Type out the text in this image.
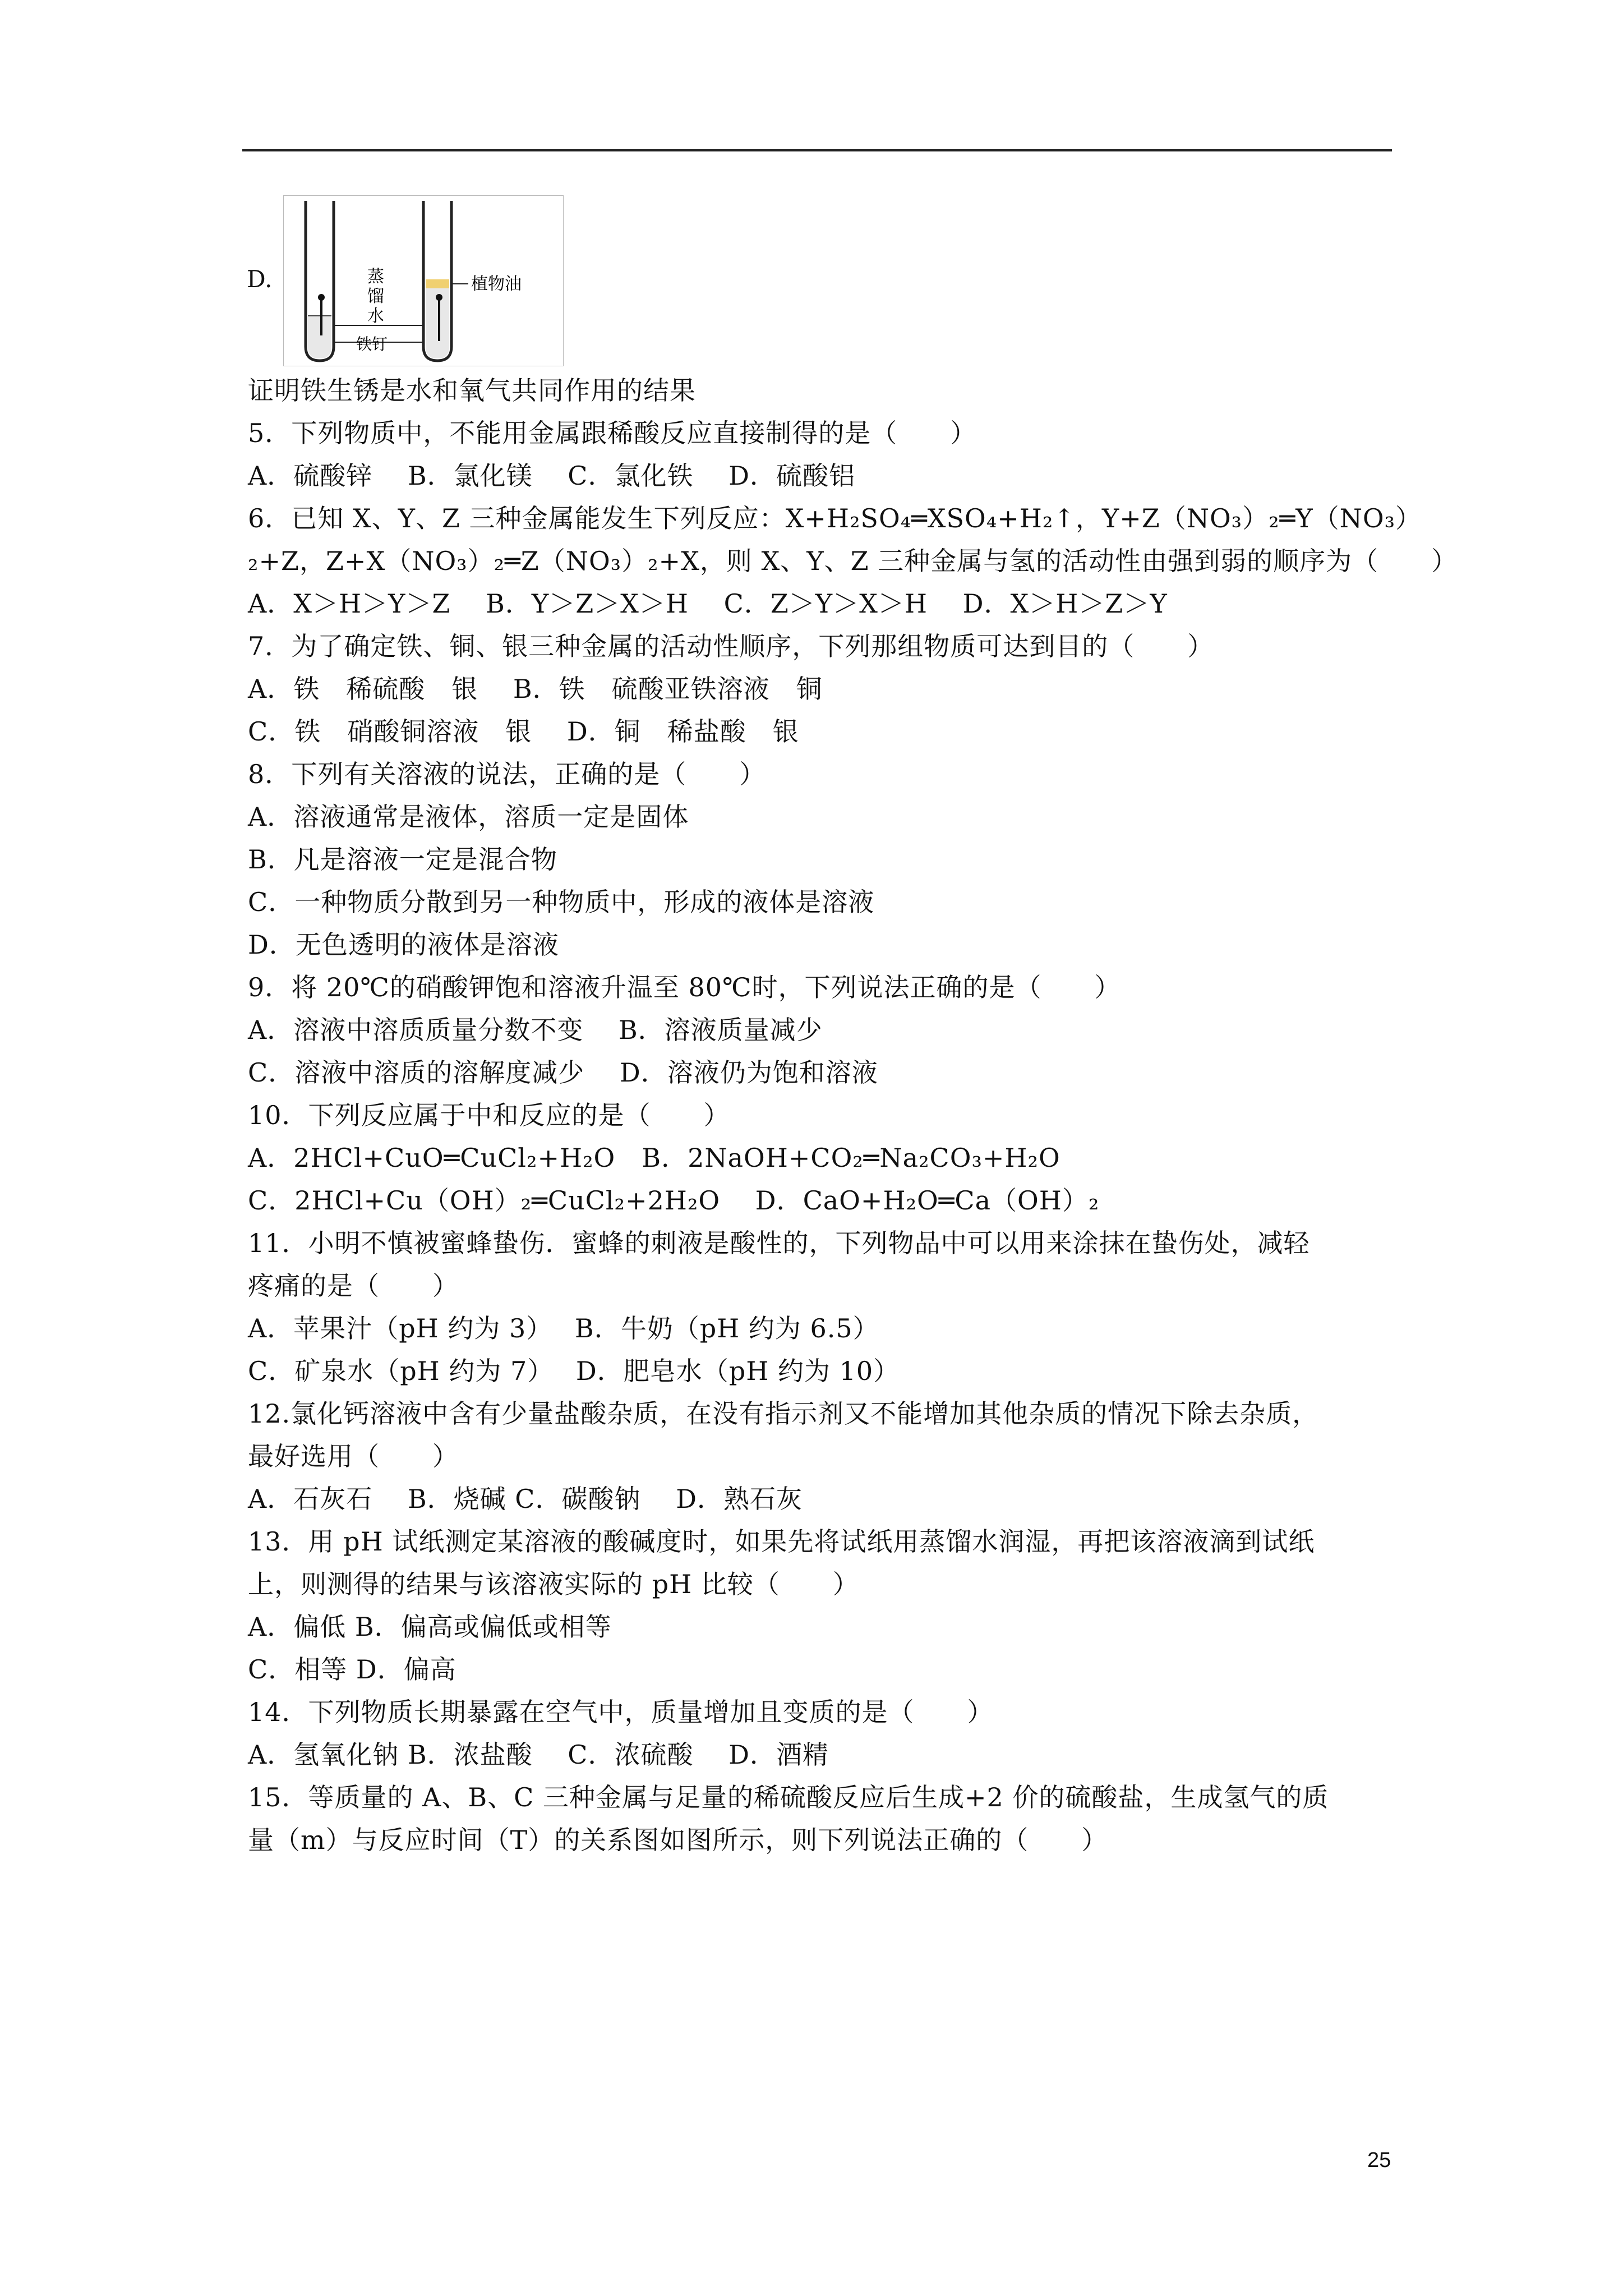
D.	蒸
馏
水
铁钉
植物油
证明铁生锈是水和氧气共同作用的结果
5．下列物质中，不能用金属跟稀酸反应直接制得的是（　　）
A．硫酸锌　 B．氯化镁　 C．氯化铁　 D．硫酸铝
6．已知 X、Y、Z 三种金属能发生下列反应：X+H₂SO₄═XSO₄+H₂↑，Y+Z（NO₃）₂═Y（NO₃）
₂+Z，Z+X（NO₃）₂═Z（NO₃）₂+X，则 X、Y、Z 三种金属与氢的活动性由强到弱的顺序为（　　）
A．X＞H＞Y＞Z　 B．Y＞Z＞X＞H　 C．Z＞Y＞X＞H　 D．X＞H＞Z＞Y
7．为了确定铁、铜、银三种金属的活动性顺序，下列那组物质可达到目的（　　）
A．铁　稀硫酸　银　 B．铁　硫酸亚铁溶液　铜
C．铁　硝酸铜溶液　银　 D．铜　稀盐酸　银
8．下列有关溶液的说法，正确的是（　　）
A．溶液通常是液体，溶质一定是固体
B．凡是溶液一定是混合物
C．一种物质分散到另一种物质中，形成的液体是溶液
D．无色透明的液体是溶液
9．将 20℃的硝酸钾饱和溶液升温至 80℃时，下列说法正确的是（　　）
A．溶液中溶质质量分数不变　 B．溶液质量减少
C．溶液中溶质的溶解度减少　 D．溶液仍为饱和溶液
10．下列反应属于中和反应的是（　　）
A．2HCl+CuO═CuCl₂+H₂O　B．2NaOH+CO₂═Na₂CO₃+H₂O
C．2HCl+Cu（OH）₂═CuCl₂+2H₂O　 D．CaO+H₂O═Ca（OH）₂
11．小明不慎被蜜蜂蛰伤．蜜蜂的刺液是酸性的，下列物品中可以用来涂抹在蛰伤处，减轻
疼痛的是（　　）
A．苹果汁（pH 约为 3）　 B．牛奶（pH 约为 6.5）
C．矿泉水（pH 约为 7）　 D．肥皂水（pH 约为 10）
12.氯化钙溶液中含有少量盐酸杂质，在没有指示剂又不能增加其他杂质的情况下除去杂质，
最好选用（　　）
A．石灰石　 B．烧碱 C．碳酸钠　 D．熟石灰
13．用 pH 试纸测定某溶液的酸碱度时，如果先将试纸用蒸馏水润湿，再把该溶液滴到试纸
上，则测得的结果与该溶液实际的 pH 比较（　　）
A．偏低 B．偏高或偏低或相等
C．相等 D．偏高
14．下列物质长期暴露在空气中，质量增加且变质的是（　　）
A．氢氧化钠 B．浓盐酸　 C．浓硫酸　 D．酒精
15．等质量的 A、B、C 三种金属与足量的稀硫酸反应后生成+2 价的硫酸盐，生成氢气的质
量（m）与反应时间（T）的关系图如图所示，则下列说法正确的（　　）
25
